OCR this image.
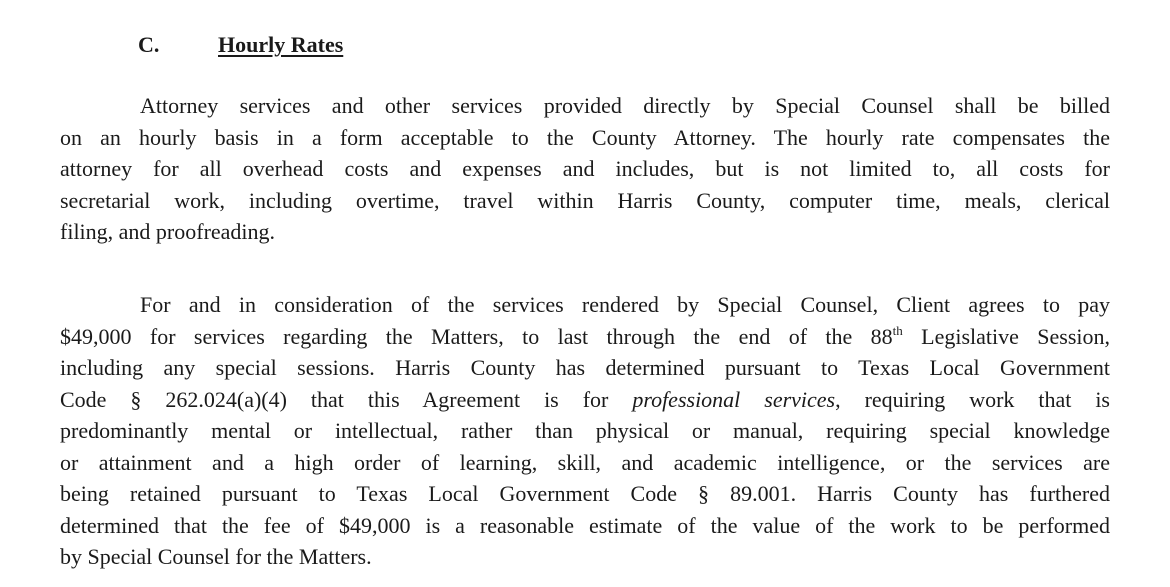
C.	Hourly Rates

Attorney services and other services provided directly by Special Counsel shall be billed
on an hourly basis in a form acceptable to the County Attorney. The hourly rate compensates the
attorney for all overhead costs and expenses and includes, but is not limited to, all costs for
secretarial work, including overtime, travel within Harris County, computer time, meals, clerical
filing, and proofreading.

For and in consideration of the services rendered by Special Counsel, Client agrees to pay
$49,000 for services regarding the Matters, to last through the end of the 88th Legislative Session,
including any special sessions. Harris County has determined pursuant to Texas Local Government
Code § 262.024(a)(4) that this Agreement is for professional services, requiring work that is
predominantly mental or intellectual, rather than physical or manual, requiring special knowledge
or attainment and a high order of learning, skill, and academic intelligence, or the services are
being retained pursuant to Texas Local Government Code § 89.001. Harris County has furthered
determined that the fee of $49,000 is a reasonable estimate of the value of the work to be performed
by Special Counsel for the Matters.
